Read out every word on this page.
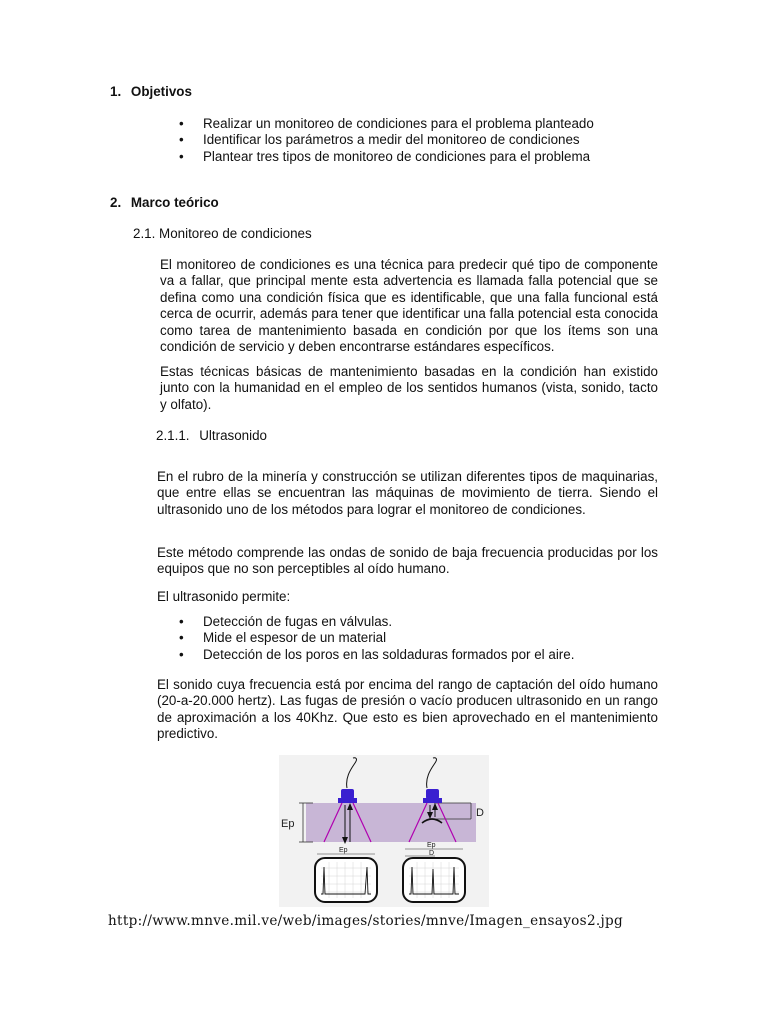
1. Objetivos
• Realizar un monitoreo de condiciones para el problema planteado
• Identificar los parámetros a medir del monitoreo de condiciones
• Plantear tres tipos de monitoreo de condiciones para el problema
2. Marco teórico
2.1. Monitoreo de condiciones
El monitoreo de condiciones es una técnica para predecir qué tipo de componente va a fallar, que principal mente esta advertencia es llamada falla potencial que se defina como una condición física que es identificable, que una falla funcional está cerca de ocurrir, además para tener que identificar una falla potencial esta conocida como tarea de mantenimiento basada en condición por que los ítems son una condición de servicio y deben encontrarse estándares específicos.
Estas técnicas básicas de mantenimiento basadas en la condición han existido junto con la humanidad en el empleo de los sentidos humanos (vista, sonido, tacto y olfato).
2.1.1. Ultrasonido
En el rubro de la minería y construcción se utilizan diferentes tipos de maquinarias, que entre ellas se encuentran las máquinas de movimiento de tierra. Siendo el ultrasonido uno de los métodos para lograr el monitoreo de condiciones.
Este método comprende las ondas de sonido de baja frecuencia producidas por los equipos que no son perceptibles al oído humano.
El ultrasonido permite:
• Detección de fugas en válvulas.
• Mide el espesor de un material
• Detección de los poros en las soldaduras formados por el aire.
El sonido cuya frecuencia está por encima del rango de captación del oído humano (20-a-20.000 hertz). Las fugas de presión o vacío producen ultrasonido en un rango de aproximación a los 40Khz. Que esto es bien aprovechado en el mantenimiento predictivo.
Ep
D
Ep
Ep
D
http://www.mnve.mil.ve/web/images/stories/mnve/Imagen_ensayos2.jpg
